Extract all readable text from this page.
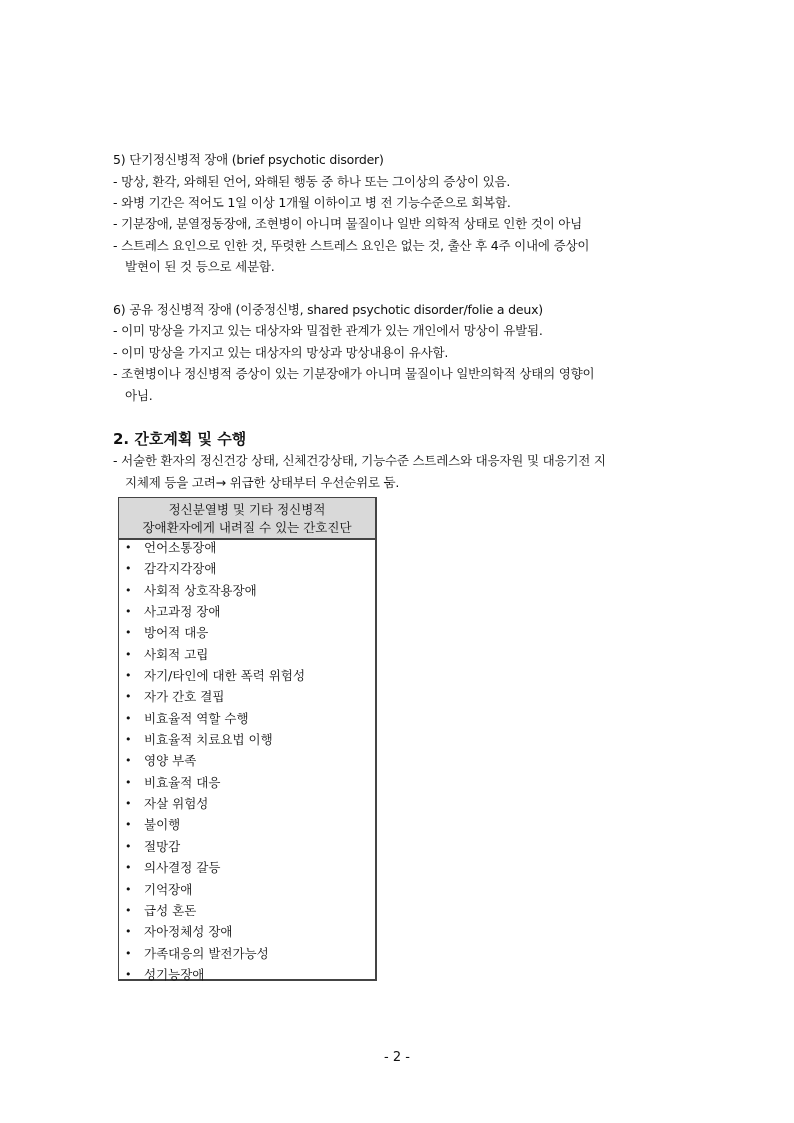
5) 단기정신병적 장애 (brief psychotic disorder)
- 망상, 환각, 와해된 언어, 와해된 행동 중 하나 또는 그이상의 증상이 있음.
- 와병 기간은 적어도 1일 이상 1개월 이하이고 병 전 기능수준으로 회복함.
- 기분장애, 분열정동장애, 조현병이 아니며 물질이나 일반 의학적 상태로 인한 것이 아님
- 스트레스 요인으로 인한 것, 뚜렷한 스트레스 요인은 없는 것, 출산 후 4주 이내에 증상이
발현이 된 것 등으로 세분함.
6) 공유 정신병적 장애 (이중정신병, shared psychotic disorder/folie a deux)
- 이미 망상을 가지고 있는 대상자와 밀접한 관계가 있는 개인에서 망상이 유발됨.
- 이미 망상을 가지고 있는 대상자의 망상과 망상내용이 유사함.
- 조현병이나 정신병적 증상이 있는 기분장애가 아니며 물질이나 일반의학적 상태의 영향이
아님.
2. 간호계획 및 수행
- 서술한 환자의 정신건강 상태, 신체건강상태, 기능수준 스트레스와 대응자원 및 대응기전 지
지체제 등을 고려→ 위급한 상태부터 우선순위로 둠.
정신분열병 및 기타 정신병적
장애환자에게 내려질 수 있는 간호진단
• 언어소통장애
• 감각지각장애
• 사회적 상호작용장애
• 사고과정 장애
• 방어적 대응
• 사회적 고립
• 자기/타인에 대한 폭력 위험성
• 자가 간호 결핍
• 비효율적 역할 수행
• 비효율적 치료요법 이행
• 영양 부족
• 비효율적 대응
• 자살 위험성
• 불이행
• 절망감
• 의사결정 갈등
• 기억장애
• 급성 혼돈
• 자아정체성 장애
• 가족대응의 발전가능성
• 성기능장애
- 2 -
